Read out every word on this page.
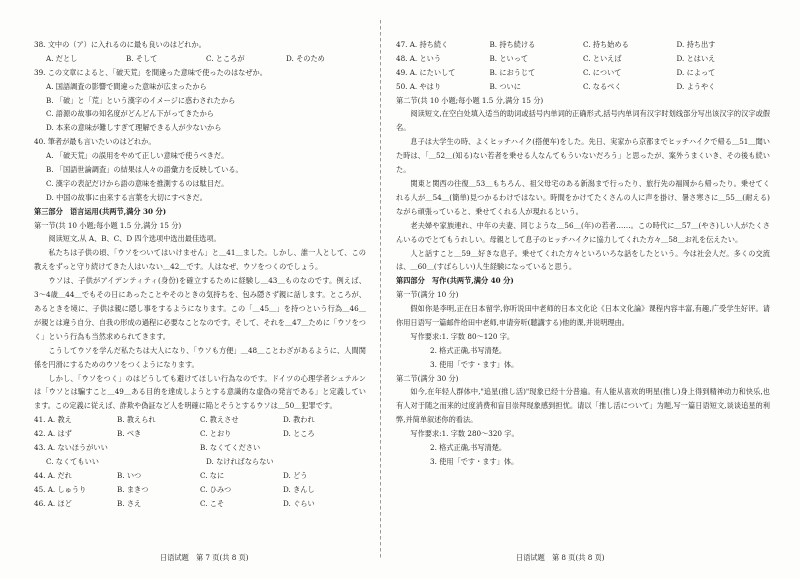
38. 文中の（ア）に入れるのに最も良いのはどれか。
A. だとし	B. そして	C. ところが	D. そのため
39. この文章によると、「破天荒」を間違った意味で使ったのはなぜか。
A. 国語調査の影響で間違った意味が広まったから
B. 「破」と「荒」という漢字のイメージに惑わされたから
C. 語源の故事の知名度がどんどん下がってきたから
D. 本来の意味が難しすぎて理解できる人が少ないから
40. 筆者が最も言いたいのはどれか。
A. 「破天荒」の誤用をやめて正しい意味で使うべきだ。
B. 「国語世論調査」の結果は人々の語彙力を反映している。
C. 漢字の表記だけから語の意味を推測するのは駄目だ。
D. 中国の故事に由来する言葉を大切にすべきだ。
第三部分　语言运用(共两节,满分 30 分)
第一节(共 10 小题;每小题 1.5 分,满分 15 分)
阅读短文,从 A、B、C、D 四个选项中选出最佳选项。
私たちは子供の頃、「ウソをついてはいけません」と＿41＿ました。しかし、誰一人として、この教えをずっと守り続けてきた人はいない＿42＿です。人はなぜ、ウソをつくのでしょう。
ウソは、子供がアイデンティティ(身份)を確立するために経験し＿43＿ものなのです。例えば、3〜4歳＿44＿でもその日にあったことやそのときの気持ちを、包み隠さず親に話します。ところが、あるときを境に、子供は親に隠し事をするようになります。この「＿45＿」を持つという行為＿46＿が親とは違う自分、自我の形成の過程に必要なことなのです。そして、それを＿47＿ために「ウソをつく」という行為も当然求められてきます。
こうしてウソを学んだ私たちは大人になり、「ウソも方便」＿48＿ことわざがあるように、人間関係を円滑にするためのウソをつくようになります。
しかし、「ウソをつく」のはどうしても避けてほしい行為なのです。ドイツの心理学者シュテルンは「ウソとは騙すこと＿49＿ある目的を達成しようとする意識的な虚偽の発言である」と定義しています。この定義に従えば、詐欺や偽証など人を明確に陥とそうとするウソは＿50＿犯罪です。
41. A. 教え	B. 教えられ	C. 教えさせ	D. 教われ
42. A. はず	B. べき	C. とおり	D. ところ
43. A. ないほうがいい	B. なくてください
C. なくてもいい	D. なければならない
44. A. だれ	B. いつ	C. なに	D. どう
45. A. しゅうり	B. まきつ	C. ひみつ	D. きんし
46. A. ほど	B. さえ	C. こそ	D. ぐらい
47. A. 持ち続く	B. 持ち続ける	C. 持ち始める	D. 持ち出す
48. A. という	B. といって	C. といえば	D. とはいえ
49. A. にたいして	B. におうじて	C. について	D. によって
50. A. やはり	B. ついに	C. なるべく	D. ようやく
第二节(共 10 小题;每小题 1.5 分,满分 15 分)
阅读短文,在空白处填入适当的助词或括号内单词的正确形式,括号内单词有汉字时划线部分写出该汉字的汉字或假名。
息子は大学生の時、よくヒッチハイク(搭便车)をした。先日、実家から京都までヒッチハイクで帰る＿51＿聞いた時は、「＿52＿(知る)ない若者を乗せる人なんてもういないだろう」と思ったが、案外うまくいき、その後も続いた。
関東と関西の往復＿53＿もちろん、祖父母宅のある新潟まで行ったり、旅行先の福岡から帰ったり。乗せてくれる人が＿54＿(簡単)見つかるわけではない。時間をかけてたくさんの人に声を掛け、暑さ寒さに＿55＿(耐える)ながら頑張っていると、乗せてくれる人が現れるという。
老夫婦や家族連れ、中年の夫妻、同じような＿56＿(年)の若者……。この時代に＿57＿(やさ)しい人がたくさんいるのでとてもうれしい。母親として息子のヒッチハイクに協力してくれた方々＿58＿お礼を伝えたい。
人と話すこと＿59＿好きな息子。乗せてくれた方々といろいろな話をしたという。今は社会人だ。多くの交流は、＿60＿(すばらしい)人生経験になっていると思う。
第四部分　写作(共两节,满分 40 分)
第一节(满分 10 分)
假如你是李明,正在日本留学,你听说田中老师的日本文化论《日本文化論》课程内容丰富,有趣,广受学生好评。请你用日语写一篇邮件给田中老师,申请旁听(聴講する)他的课,并说明理由。
写作要求:1. 字数 80～120 字。
2. 格式正确,书写清楚。
3. 使用「です・ます」体。
第二节(满分 30 分)
如今,在年轻人群体中,"追星(推し活)"现象已经十分普遍。有人能从喜欢的明星(推し)身上得到精神动力和快乐,也有人对于随之而来的过度消费和盲目崇拜现象感到担忧。请以「推し活について」为题,写一篇日语短文,谈谈追星的利弊,并简单叙述你的看法。
写作要求:1. 字数 280～320 字。
2. 格式正确,书写清楚。
3. 使用「です・ます」体。
日语试题　第 7 页(共 8 页)	日语试题　第 8 页(共 8 页)
